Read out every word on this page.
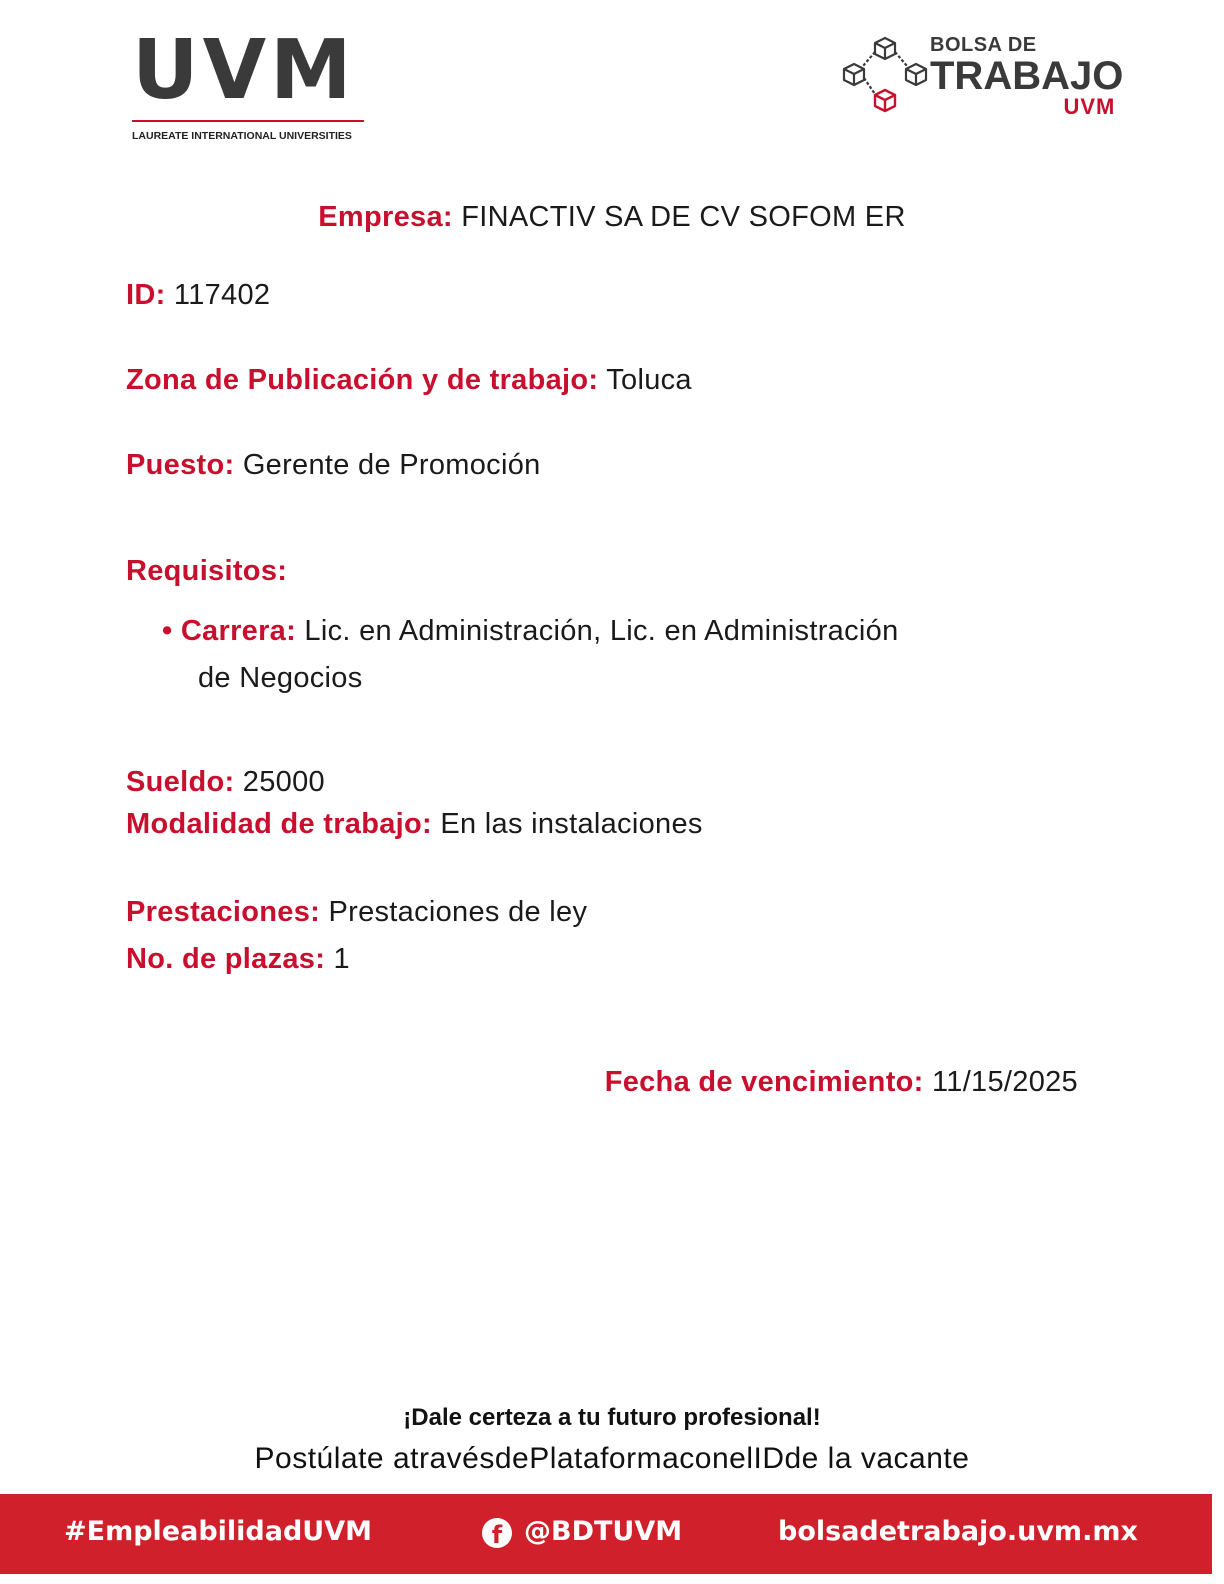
UVM
LAUREATE INTERNATIONAL UNIVERSITIES
BOLSA DE
TRABAJO
UVM
Empresa: FINACTIV SA DE CV SOFOM ER
ID: 117402
Zona de Publicación y de trabajo: Toluca
Puesto: Gerente de Promoción
Requisitos:
• Carrera: Lic. en Administración, Lic. en Administración
de Negocios
Sueldo: 25000
Modalidad de trabajo: En las instalaciones
Prestaciones: Prestaciones de ley
No. de plazas: 1
Fecha de vencimiento: 11/15/2025
¡Dale certeza a tu futuro profesional!
Postúlate atravésdePlataformaconelIDde la vacante
#EmpleabilidadUVM	f @BDTUVM	bolsadetrabajo.uvm.mx
